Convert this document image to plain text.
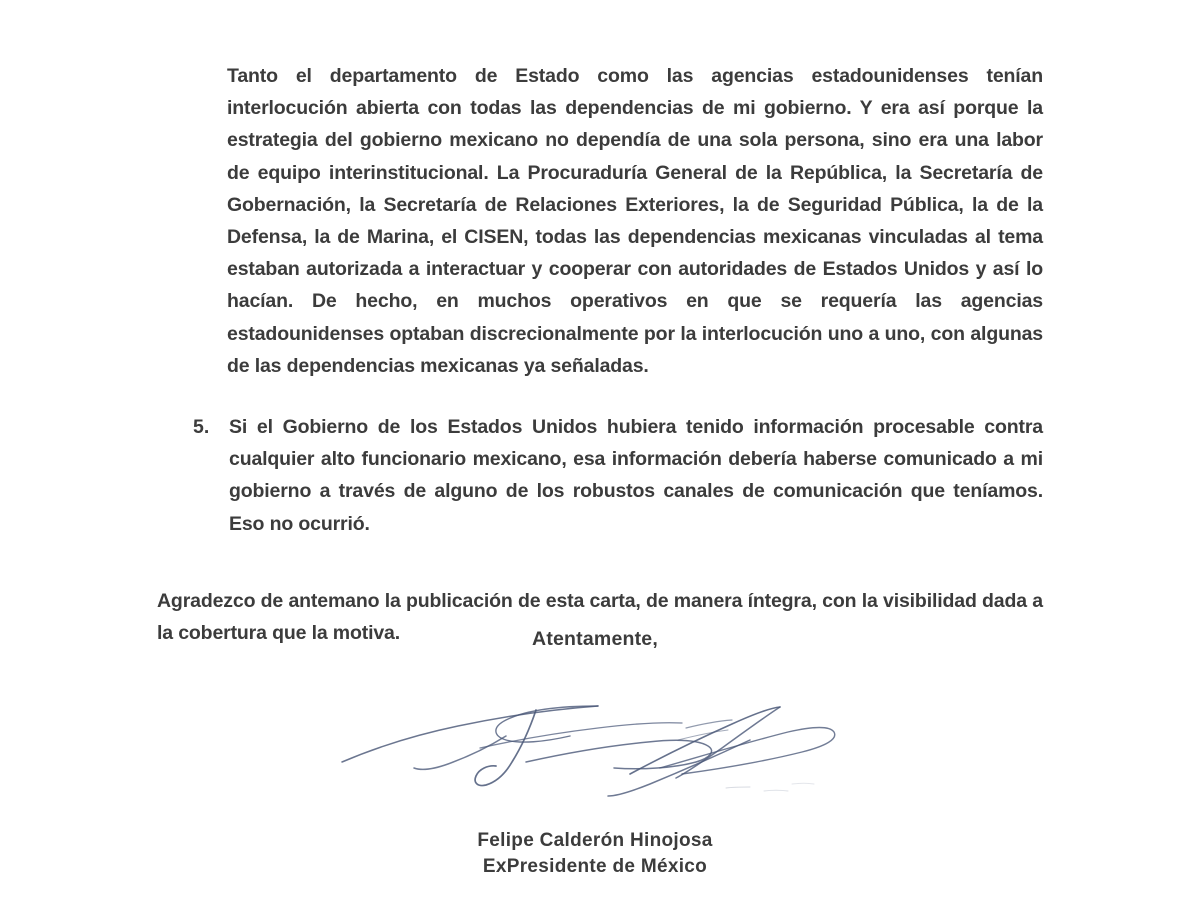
Tanto el departamento de Estado como las agencias estadounidenses tenían interlocución abierta con todas las dependencias de mi gobierno. Y era así porque la estrategia del gobierno mexicano no dependía de una sola persona, sino era una labor de equipo interinstitucional. La Procuraduría General de la República, la Secretaría de Gobernación, la Secretaría de Relaciones Exteriores, la de Seguridad Pública, la de la Defensa, la de Marina, el CISEN, todas las dependencias mexicanas vinculadas al tema estaban autorizada a interactuar y cooperar con autoridades de Estados Unidos y así lo hacían. De hecho, en muchos operativos en que se requería las agencias estadounidenses optaban discrecionalmente por la interlocución uno a uno, con algunas de las dependencias mexicanas ya señaladas.

5.	Si el Gobierno de los Estados Unidos hubiera tenido información procesable contra cualquier alto funcionario mexicano, esa información debería haberse comunicado a mi gobierno a través de alguno de los robustos canales de comunicación que teníamos. Eso no ocurrió.

Agradezco de antemano la publicación de esta carta, de manera íntegra, con la visibilidad dada a la cobertura que la motiva.	Atentamente,
Felipe Calderón Hinojosa
ExPresidente de México
